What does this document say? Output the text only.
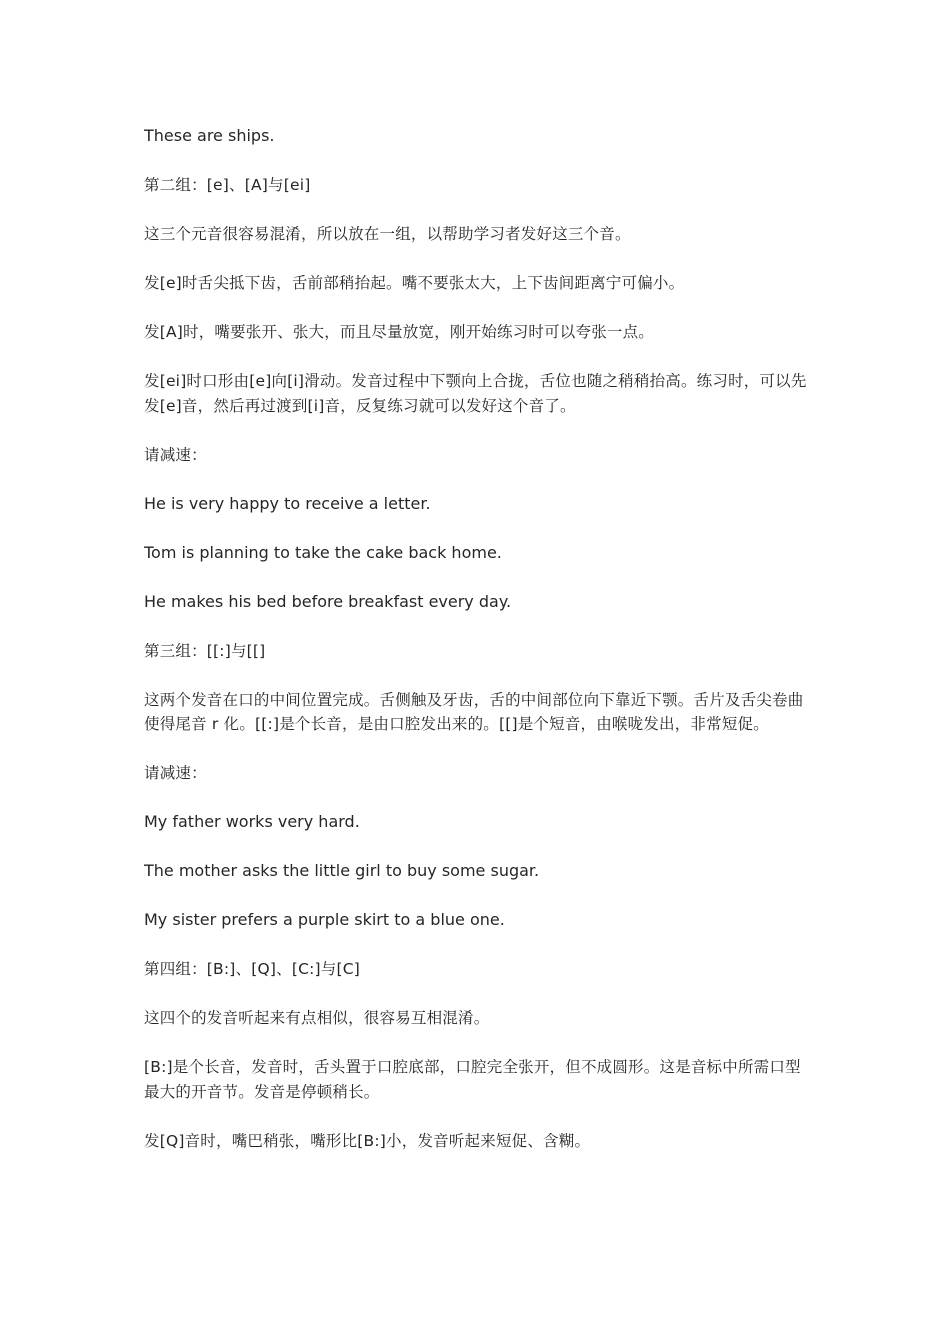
These are ships.

第二组：[e]、[A]与[ei]

这三个元音很容易混淆，所以放在一组，以帮助学习者发好这三个音。

发[e]时舌尖抵下齿，舌前部稍抬起。嘴不要张太大，上下齿间距离宁可偏小。

发[A]时，嘴要张开、张大，而且尽量放宽，刚开始练习时可以夸张一点。

发[ei]时口形由[e]向[i]滑动。发音过程中下颚向上合拢，舌位也随之稍稍抬高。练习时，可以先发[e]音，然后再过渡到[i]音，反复练习就可以发好这个音了。

请减速：

He is very happy to receive a letter.

Tom is planning to take the cake back home.

He makes his bed before breakfast every day.

第三组：[[:]与[[]

这两个发音在口的中间位置完成。舌侧触及牙齿，舌的中间部位向下靠近下颚。舌片及舌尖卷曲使得尾音 r 化。[[:]是个长音，是由口腔发出来的。[[]是个短音，由喉咙发出，非常短促。

请减速：

My father works very hard.

The mother asks the little girl to buy some sugar.

My sister prefers a purple skirt to a blue one.

第四组：[B:]、[Q]、[C:]与[C]

这四个的发音听起来有点相似，很容易互相混淆。

[B:]是个长音，发音时，舌头置于口腔底部，口腔完全张开，但不成圆形。这是音标中所需口型最大的开音节。发音是停顿稍长。

发[Q]音时，嘴巴稍张，嘴形比[B:]小，发音听起来短促、含糊。
